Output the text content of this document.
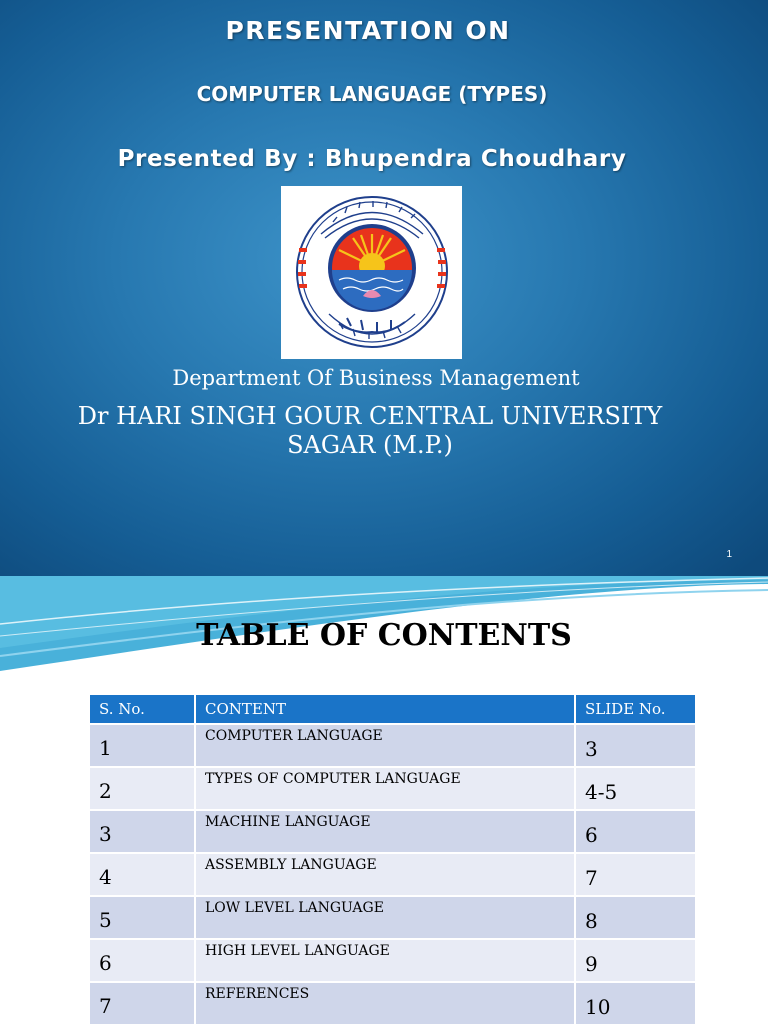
PRESENTATION ON
COMPUTER LANGUAGE (TYPES)
Presented By : Bhupendra Choudhary
Department Of Business Management
Dr HARI SINGH GOUR CENTRAL UNIVERSITY
SAGAR (M.P.)
1
TABLE OF CONTENTS
S. No.	CONTENT	SLIDE No.
1	COMPUTER LANGUAGE	3
2	TYPES OF COMPUTER LANGUAGE	4-5
3	MACHINE LANGUAGE	6
4	ASSEMBLY LANGUAGE	7
5	LOW LEVEL LANGUAGE	8
6	HIGH LEVEL LANGUAGE	9
7	REFERENCES	10
